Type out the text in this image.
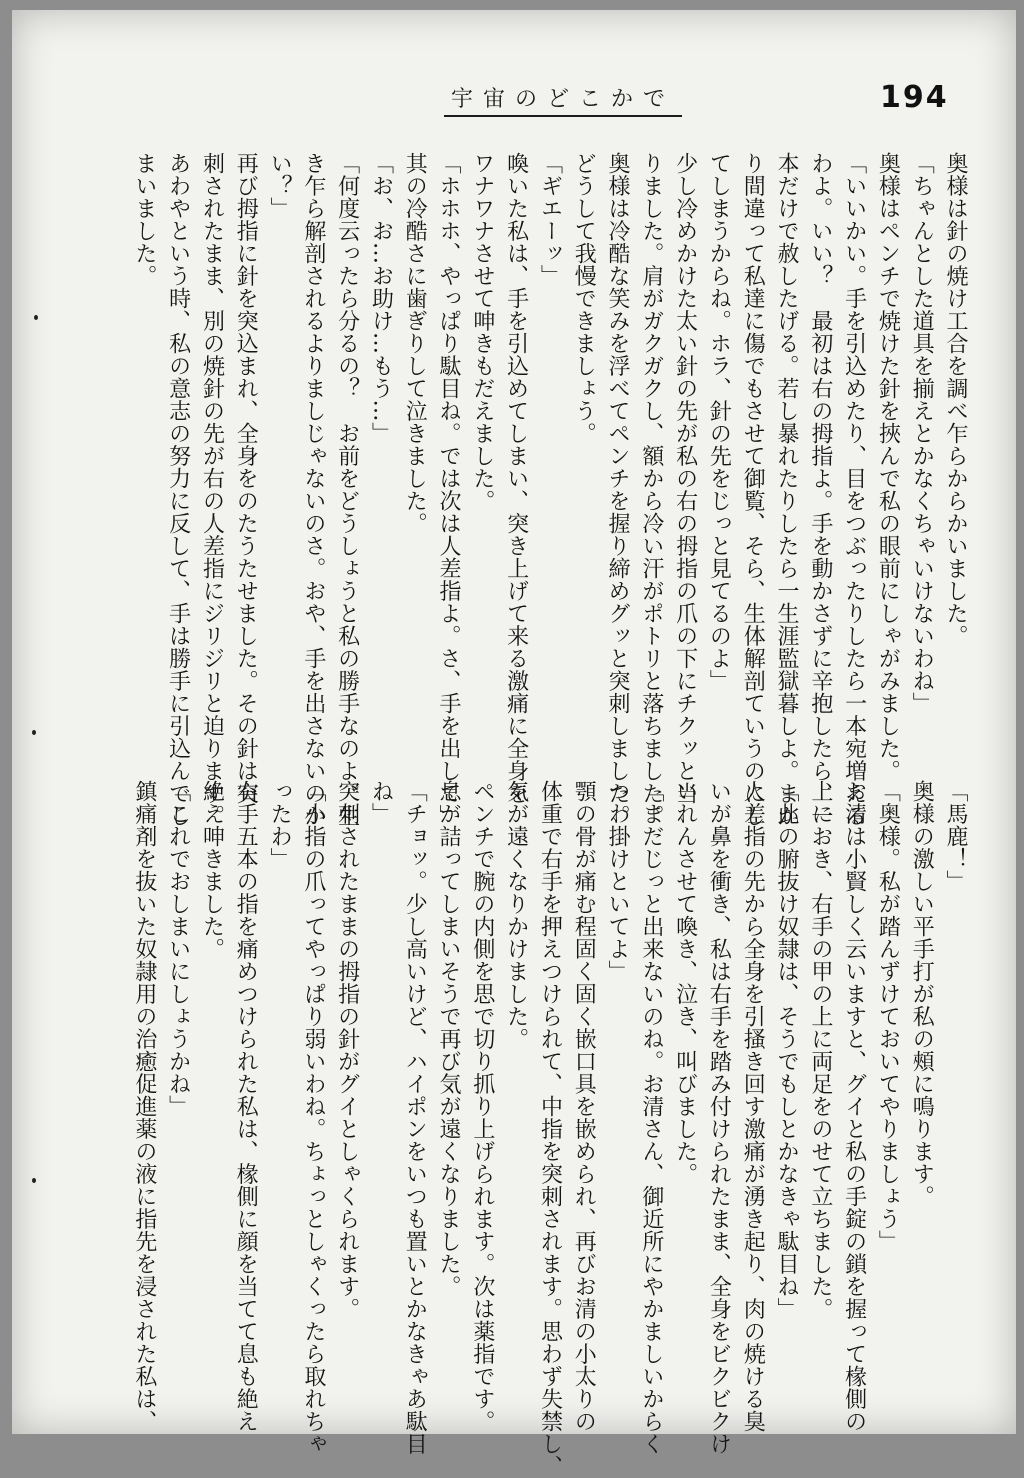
宇宙のどこかで	194
奥様は針の焼け工合を調べ乍らからかいました。
「ちゃんとした道具を揃えとかなくちゃいけないわね」
奥様はペンチで焼けた針を挾んで私の眼前にしゃがみました。
「いいかい。手を引込めたり、目をつぶったりしたら一本宛増える
わよ。いい？　最初は右の拇指よ。手を動かさずに辛抱したら、一
本だけで赦したげる。若し暴れたりしたら一生涯監獄暮しよ。まか
り間違って私達に傷でもさせて御覧、そら、生体解剖ていうのにし
てしまうからね。ホラ、針の先をじっと見てるのよ」
少し冷めかけた太い針の先が私の右の拇指の爪の下にチクッと当
りました。肩がガクガクし、額から冷い汗がポトリと落ちました。
奥様は冷酷な笑みを浮べてペンチを握り締めグッと突刺しました。
どうして我慢できましょう。
「ギエーッ」
喚いた私は、手を引込めてしまい、突き上げて来る激痛に全身を
ワナワナさせて呻きもだえました。
「ホホホ、やっぱり駄目ね。では次は人差指よ。さ、手を出して」
其の冷酷さに歯ぎりして泣きました。
「お、お…お助け…もう…」
「何度云ったら分るの？　お前をどうしょうと私の勝手なのよ。生
き乍ら解剖されるよりましじゃないのさ。おや、手を出さないのか
い？」
再び拇指に針を突込まれ、全身をのたうたせました。その針は突
刺されたまま、別の焼針の先が右の人差指にジリジリと迫ります。
あわやという時、私の意志の努力に反して、手は勝手に引込んでし
まいました。
「馬鹿！」
奥様の激しい平手打が私の頰に鳴ります。
「奥様。私が踏んずけておいてやりましょう」
お清は小賢しく云いますと、グイと私の手錠の鎖を握って椽側の
上におき、右手の甲の上に両足をのせて立ちました。
「此の腑抜け奴隷は、そうでもしとかなきゃ駄目ね」
人差指の先から全身を引搔き回す激痛が湧き起り、肉の焼ける臭
いが鼻を衝き、私は右手を踏み付けられたまま、全身をビクビクけ
いれんさせて喚き、泣き、叫びました。
「まだじっと出来ないのね。お清さん、御近所にやかましいからく
つわ掛けといてよ」
顎の骨が痛む程固く固く嵌口具を嵌められ、再びお清の小太りの
体重で右手を押えつけられて、中指を突刺されます。思わず失禁し、
気が遠くなりかけました。
ペンチで腕の内側を思で切り抓り上げられます。次は薬指です。
息が詰ってしまいそうで再び気が遠くなりました。
「チョッ。少し高いけど、ハイポンをいつも置いとかなきゃあ駄目
ね」
突刺されたままの拇指の針がグイとしゃくられます。
「小指の爪ってやっぱり弱いわね。ちょっとしゃくったら取れちゃ
ったわ」
右手五本の指を痛めつけられた私は、椽側に顔を当てて息も絶え
絶え呻きました。
「これでおしまいにしょうかね」
鎮痛剤を抜いた奴隷用の治癒促進薬の液に指先を浸された私は、
